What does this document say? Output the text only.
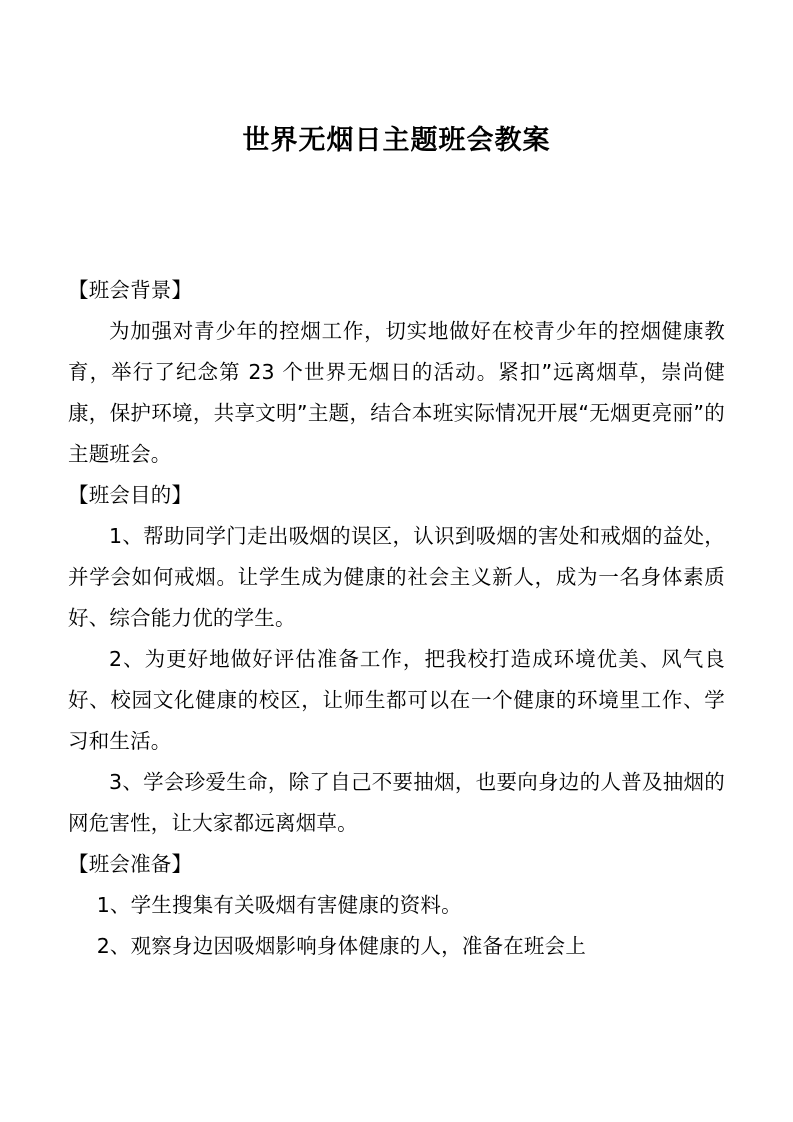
世界无烟日主题班会教案

【班会背景】

为加强对青少年的控烟工作，切实地做好在校青少年的控烟健康教育，举行了纪念第 23 个世界无烟日的活动。紧扣”远离烟草，崇尚健康，保护环境，共享文明”主题，结合本班实际情况开展“无烟更亮丽”的主题班会。

【班会目的】

1、帮助同学门走出吸烟的误区，认识到吸烟的害处和戒烟的益处，并学会如何戒烟。让学生成为健康的社会主义新人，成为一名身体素质好、综合能力优的学生。

2、为更好地做好评估准备工作，把我校打造成环境优美、风气良好、校园文化健康的校区，让师生都可以在一个健康的环境里工作、学习和生活。

3、学会珍爱生命，除了自己不要抽烟，也要向身边的人普及抽烟的网危害性，让大家都远离烟草。

【班会准备】

1、学生搜集有关吸烟有害健康的资料。

2、观察身边因吸烟影响身体健康的人，准备在班会上
